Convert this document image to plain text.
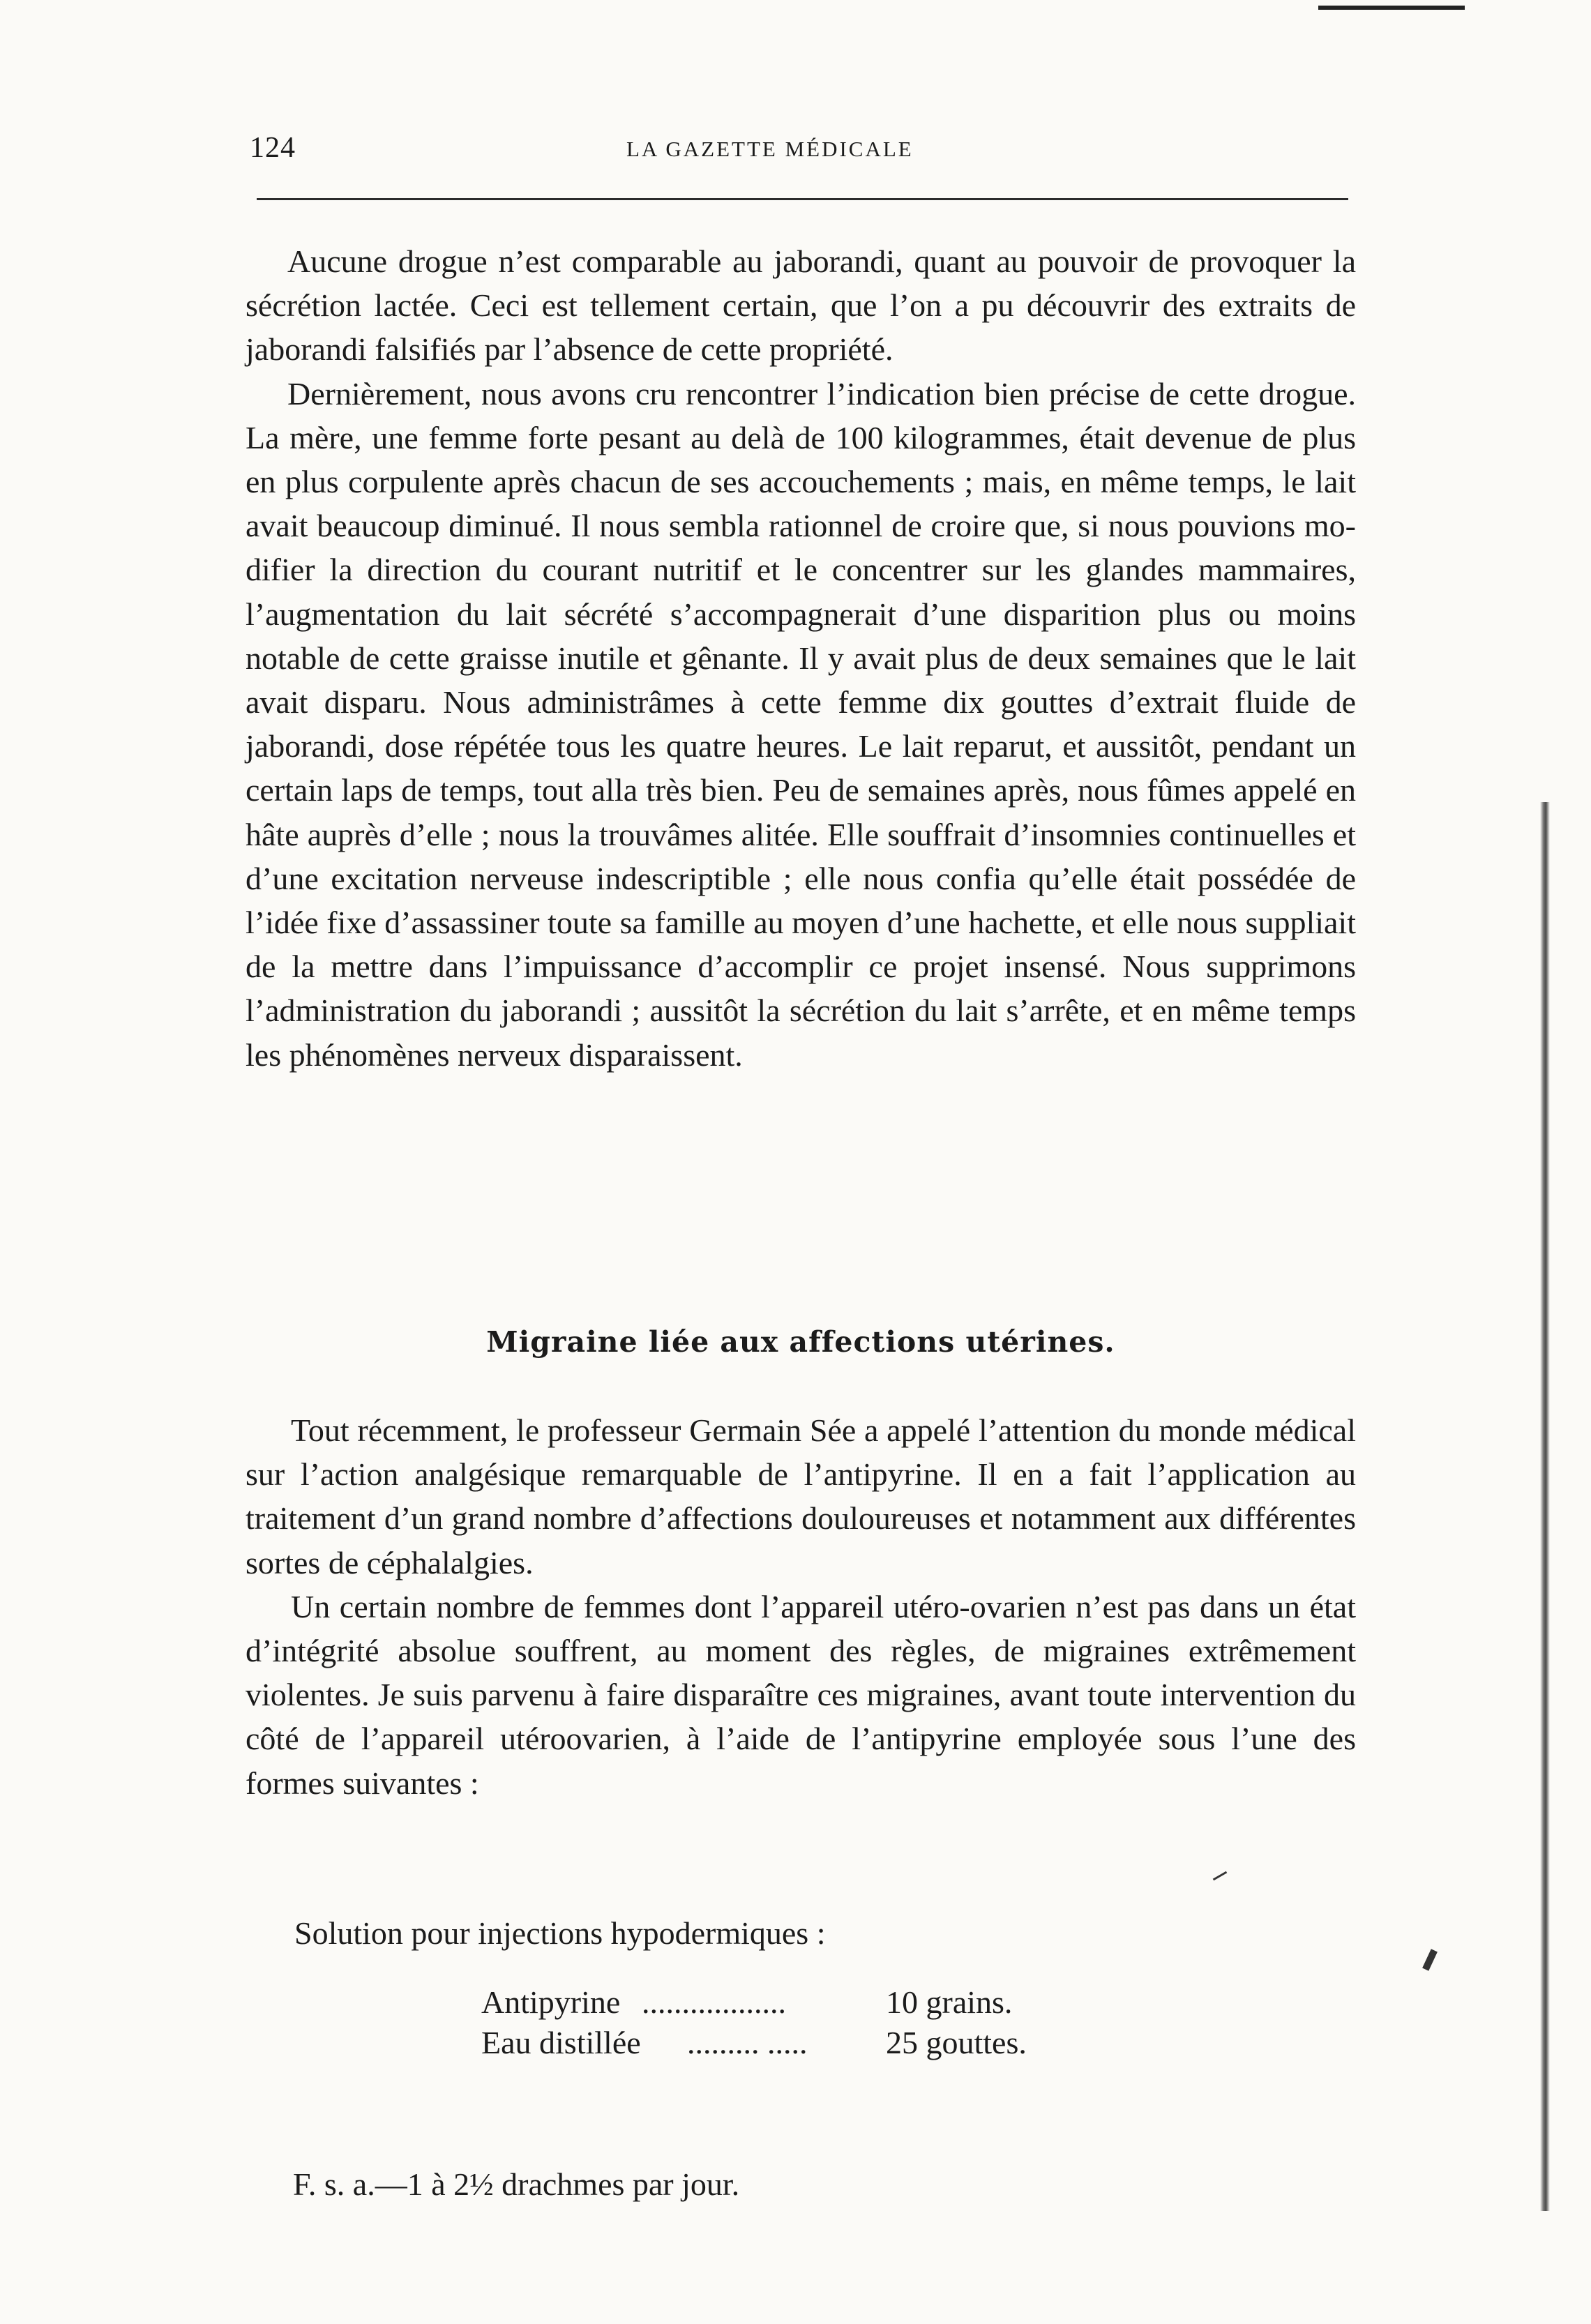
124	LA GAZETTE MÉDICALE

Aucune drogue n’est comparable au jaborandi, quant au pouvoir de provoquer la sécrétion lactée. Ceci est tellement certain, que l’on a pu découvrir des extraits de jaborandi falsifiés par l’absence de cette propriété.

Dernièrement, nous avons cru rencontrer l’indication bien précise de cette drogue. La mère, une femme forte pesant au delà de 100 kilogrammes, était devenue de plus en plus corpulente après chacun de ses accouchements ; mais, en même temps, le lait avait beaucoup diminué. Il nous sembla rationnel de croire que, si nous pouvions modifier la direction du courant nutritif et le concentrer sur les glandes mammaires, l’augmentation du lait sécrété s’accompagnerait d’une disparition plus ou moins notable de cette graisse inutile et gênante. Il y avait plus de deux semaines que le lait avait disparu. Nous administrâmes à cette femme dix gouttes d’extrait fluide de jaborandi, dose répétée tous les quatre heures. Le lait reparut, et aussitôt, pendant un certain laps de temps, tout alla très bien. Peu de semaines après, nous fûmes appelé en hâte auprès d’elle ; nous la trouvâmes alitée. Elle souffrait d’insomnies continuelles et d’une excitation nerveuse indescriptible ; elle nous confia qu’elle était possédée de l’idée fixe d’assassiner toute sa famille au moyen d’une hachette, et elle nous suppliait de la mettre dans l’impuissance d’accomplir ce projet insensé. Nous supprimons l’administration du jaborandi ; aussitôt la sécrétion du lait s’arrête, et en même temps les phénomènes nerveux disparaissent.

Migraine liée aux affections utérines.

Tout récemment, le professeur Germain Sée a appelé l’attention du monde médical sur l’action analgésique remarquable de l’antipyrine. Il en a fait l’application au traitement d’un grand nombre d’affections douloureuses et notamment aux différentes sortes de céphalalgies.

Un certain nombre de femmes dont l’appareil utéro-ovarien n’est pas dans un état d’intégrité absolue souffrent, au moment des règles, de migraines extrêmement violentes. Je suis parvenu à faire disparaître ces migraines, avant toute intervention du côté de l’appareil utéroovarien, à l’aide de l’antipyrine employée sous l’une des formes suivantes :

Solution pour injections hypodermiques :
Antipyrine ..................	10 grains.
Eau distillée ......... .....	25 gouttes.
F. s. a.—1 à 2½ drachmes par jour.
